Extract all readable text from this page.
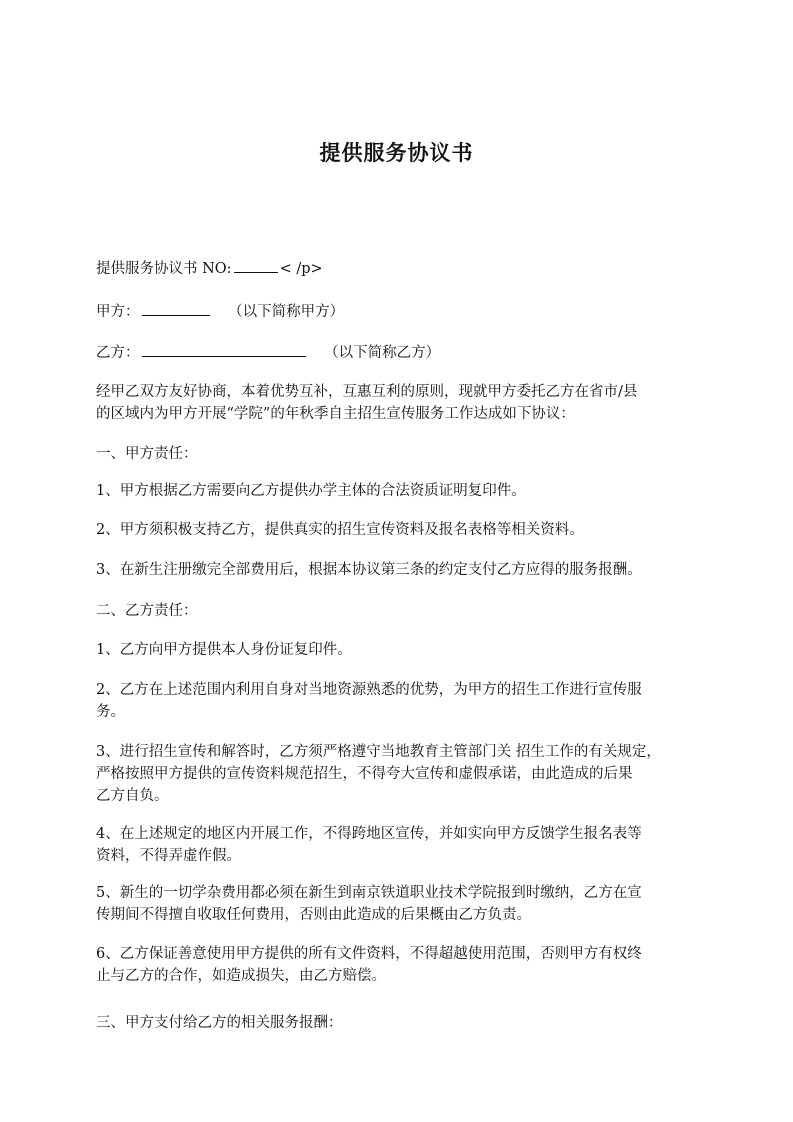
提供服务协议书
提供服务协议书 NO:	< /p>
甲方：	（以下简称甲方）
乙方：	（以下简称乙方）
经甲乙双方友好协商，本着优势互补，互惠互利的原则，现就甲方委托乙方在省市/县
的区域内为甲方开展“学院”的年秋季自主招生宣传服务工作达成如下协议：
一、甲方责任：
1、甲方根据乙方需要向乙方提供办学主体的合法资质证明复印件。
2、甲方须积极支持乙方，提供真实的招生宣传资料及报名表格等相关资料。
3、在新生注册缴完全部费用后，根据本协议第三条的约定支付乙方应得的服务报酬。
二、乙方责任：
1、乙方向甲方提供本人身份证复印件。
2、乙方在上述范围内利用自身对当地资源熟悉的优势，为甲方的招生工作进行宣传服
务。
3、进行招生宣传和解答时，乙方须严格遵守当地教育主管部门关 招生工作的有关规定，
严格按照甲方提供的宣传资料规范招生，不得夸大宣传和虚假承诺，由此造成的后果
乙方自负。
4、在上述规定的地区内开展工作，不得跨地区宣传，并如实向甲方反馈学生报名表等
资料，不得弄虚作假。
5、新生的一切学杂费用都必须在新生到南京铁道职业技术学院报到时缴纳，乙方在宣
传期间不得擅自收取任何费用，否则由此造成的后果概由乙方负责。
6、乙方保证善意使用甲方提供的所有文件资料，不得超越使用范围，否则甲方有权终
止与乙方的合作，如造成损失，由乙方赔偿。
三、甲方支付给乙方的相关服务报酬：
